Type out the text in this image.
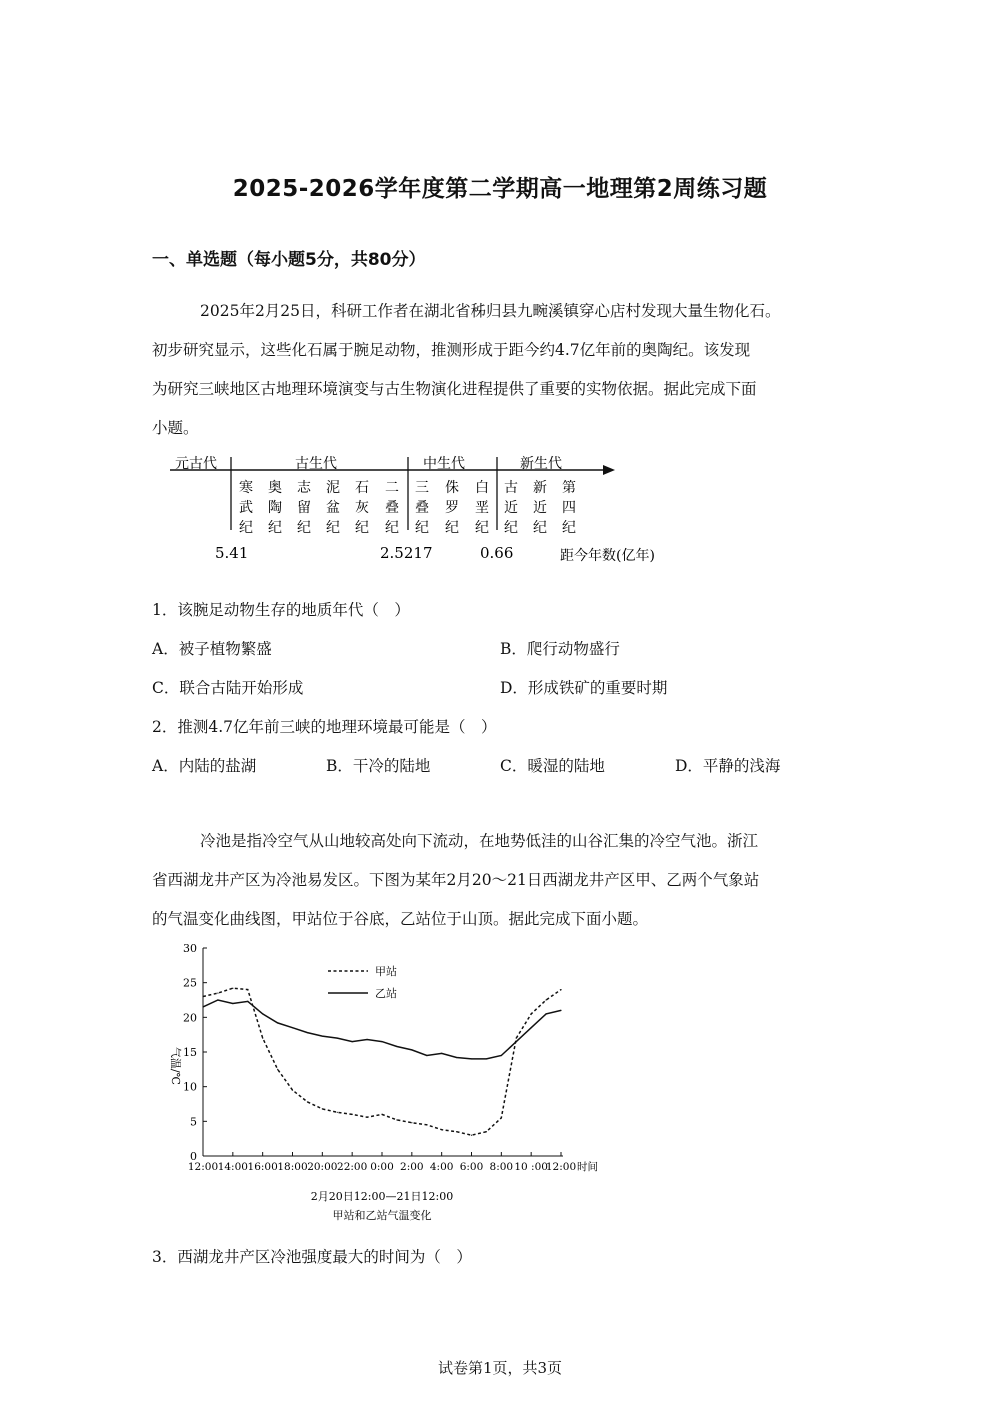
2025-2026学年度第二学期高一地理第2周练习题
一、单选题（每小题5分，共80分）

2025年2月25日，科研工作者在湖北省秭归县九畹溪镇穿心店村发现大量生物化石。

初步研究显示，这些化石属于腕足动物，推测形成于距今约4.7亿年前的奥陶纪。该发现

为研究三峡地区古地理环境演变与古生物演化进程提供了重要的实物依据。据此完成下面

小题。

元古代	古生代	中生代	新生代
寒武纪
奥陶纪
志留纪
泥盆纪
石灰纪
二叠纪
三叠纪
侏罗纪
白垩纪
古近纪
新近纪
第四纪
5.41	2.5217	0.66	距今年数(亿年)
1．该腕足动物生存的地质年代（　）
A．被子植物繁盛	B．爬行动物盛行
C．联合古陆开始形成	D．形成铁矿的重要时期
2．推测4.7亿年前三峡的地理环境最可能是（　）
A．内陆的盐湖	B．干冷的陆地	C．暖湿的陆地	D．平静的浅海

冷池是指冷空气从山地较高处向下流动，在地势低洼的山谷汇集的冷空气池。浙江

省西湖龙井产区为冷池易发区。下图为某年2月20～21日西湖龙井产区甲、乙两个气象站

的气温变化曲线图，甲站位于谷底，乙站位于山顶。据此完成下面小题。

0
5
10
15
20
25
30
12:00 14:00 16:00 18:00 20:00 22:00 0:00 2:00 4:00 6:00 8:00 10 :00
12:00 时间
气温/℃
甲站
乙站
2月20日12:00—21日12:00
甲站和乙站气温变化
3．西湖龙井产区冷池强度最大的时间为（　）
试卷第1页，共3页
